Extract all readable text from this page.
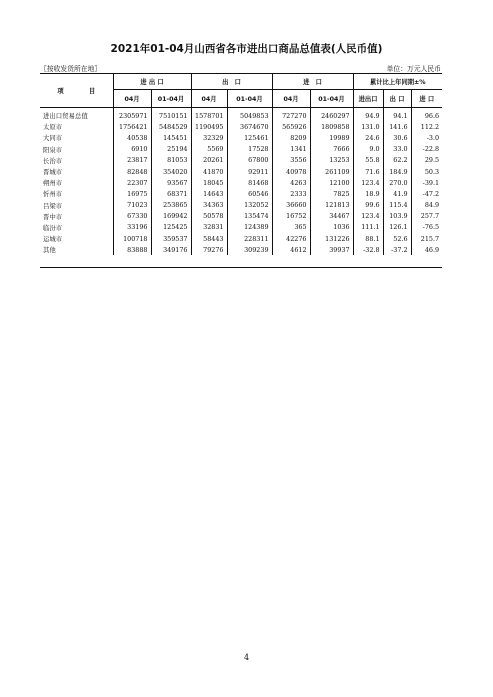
2021年01-04月山西省各市进出口商品总值表(人民币值)
〖按收发货所在地〗	单位：万元人民币
项　　　　目	进 出 口		出　口		进　口		累计比上年同期±%		
	04月	01-04月	04月	01-04月	04月	01-04月	进出口	出 口	进 口
进出口贸易总值	2305971	7510151	1578701	5049853	727270	2460297	94.9	94.1	96.6
太原市	1756421	5484529	1190495	3674670	565926	1809858	131.0	141.6	112.2
大同市	40538	145451	32329	125461	8209	19989	24.6	30.6	-3.0
阳泉市	6910	25194	5569	17528	1341	7666	9.0	33.0	-22.8
长治市	23817	81053	20261	67800	3556	13253	55.8	62.2	29.5
晋城市	82848	354020	41870	92911	40978	261109	71.6	184.9	50.3
朔州市	22307	93567	18045	81468	4263	12100	123.4	270.0	-39.1
忻州市	16975	68371	14643	60546	2333	7825	18.9	41.9	-47.2
吕梁市	71023	253865	34363	132052	36660	121813	99.6	115.4	84.9
晋中市	67330	169942	50578	135474	16752	34467	123.4	103.9	257.7
临汾市	33196	125425	32831	124389	365	1036	111.1	126.1	-76.5
运城市	100718	359537	58443	228311	42276	131226	88.1	52.6	215.7
其他	83888	349176	79276	309239	4612	39937	-32.8	-37.2	46.9
4
